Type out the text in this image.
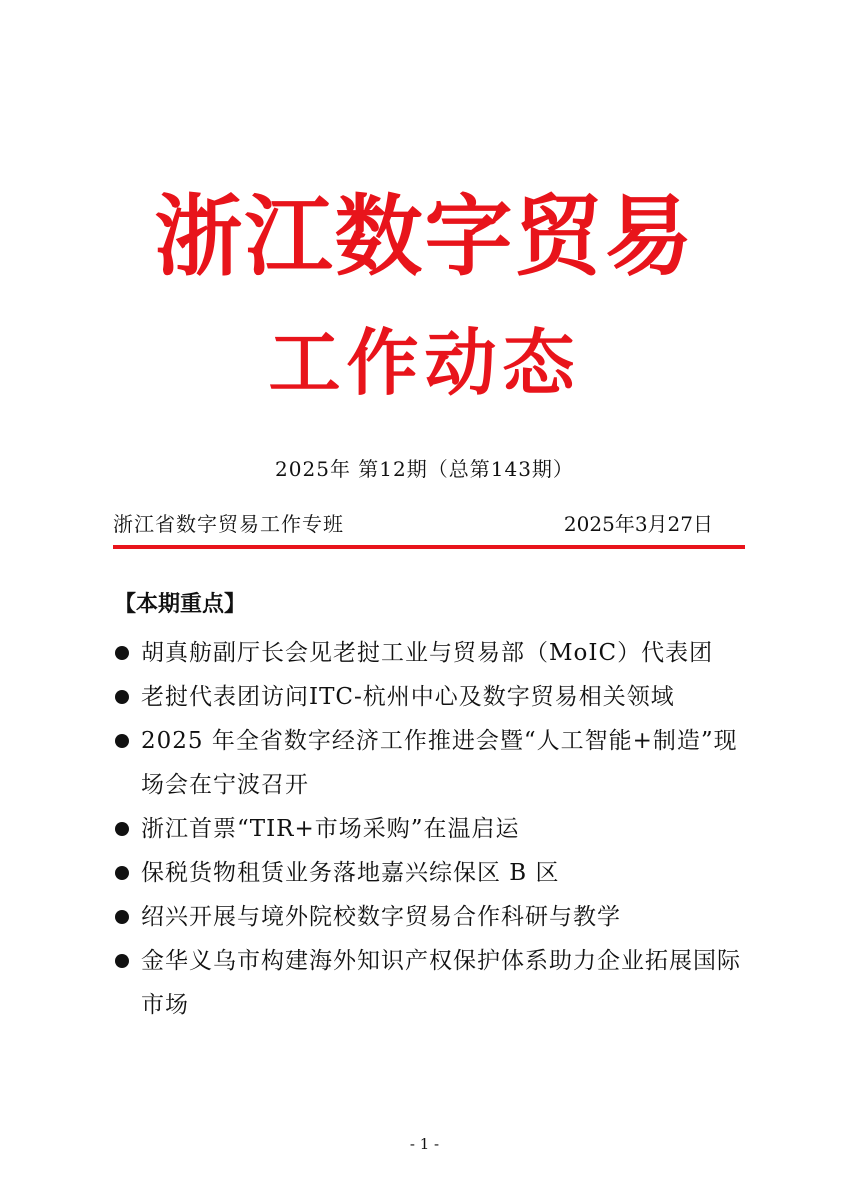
浙江数字贸易
工作动态
2025年 第12期（总第143期）
浙江省数字贸易工作专班	2025年3月27日
【本期重点】
胡真舫副厅长会见老挝工业与贸易部（MoIC）代表团
老挝代表团访问ITC-杭州中心及数字贸易相关领域
2025 年全省数字经济工作推进会暨“人工智能+制造”现场会在宁波召开
浙江首票“TIR+市场采购”在温启运
保税货物租赁业务落地嘉兴综保区 B 区
绍兴开展与境外院校数字贸易合作科研与教学
金华义乌市构建海外知识产权保护体系助力企业拓展国际市场
- 1 -
